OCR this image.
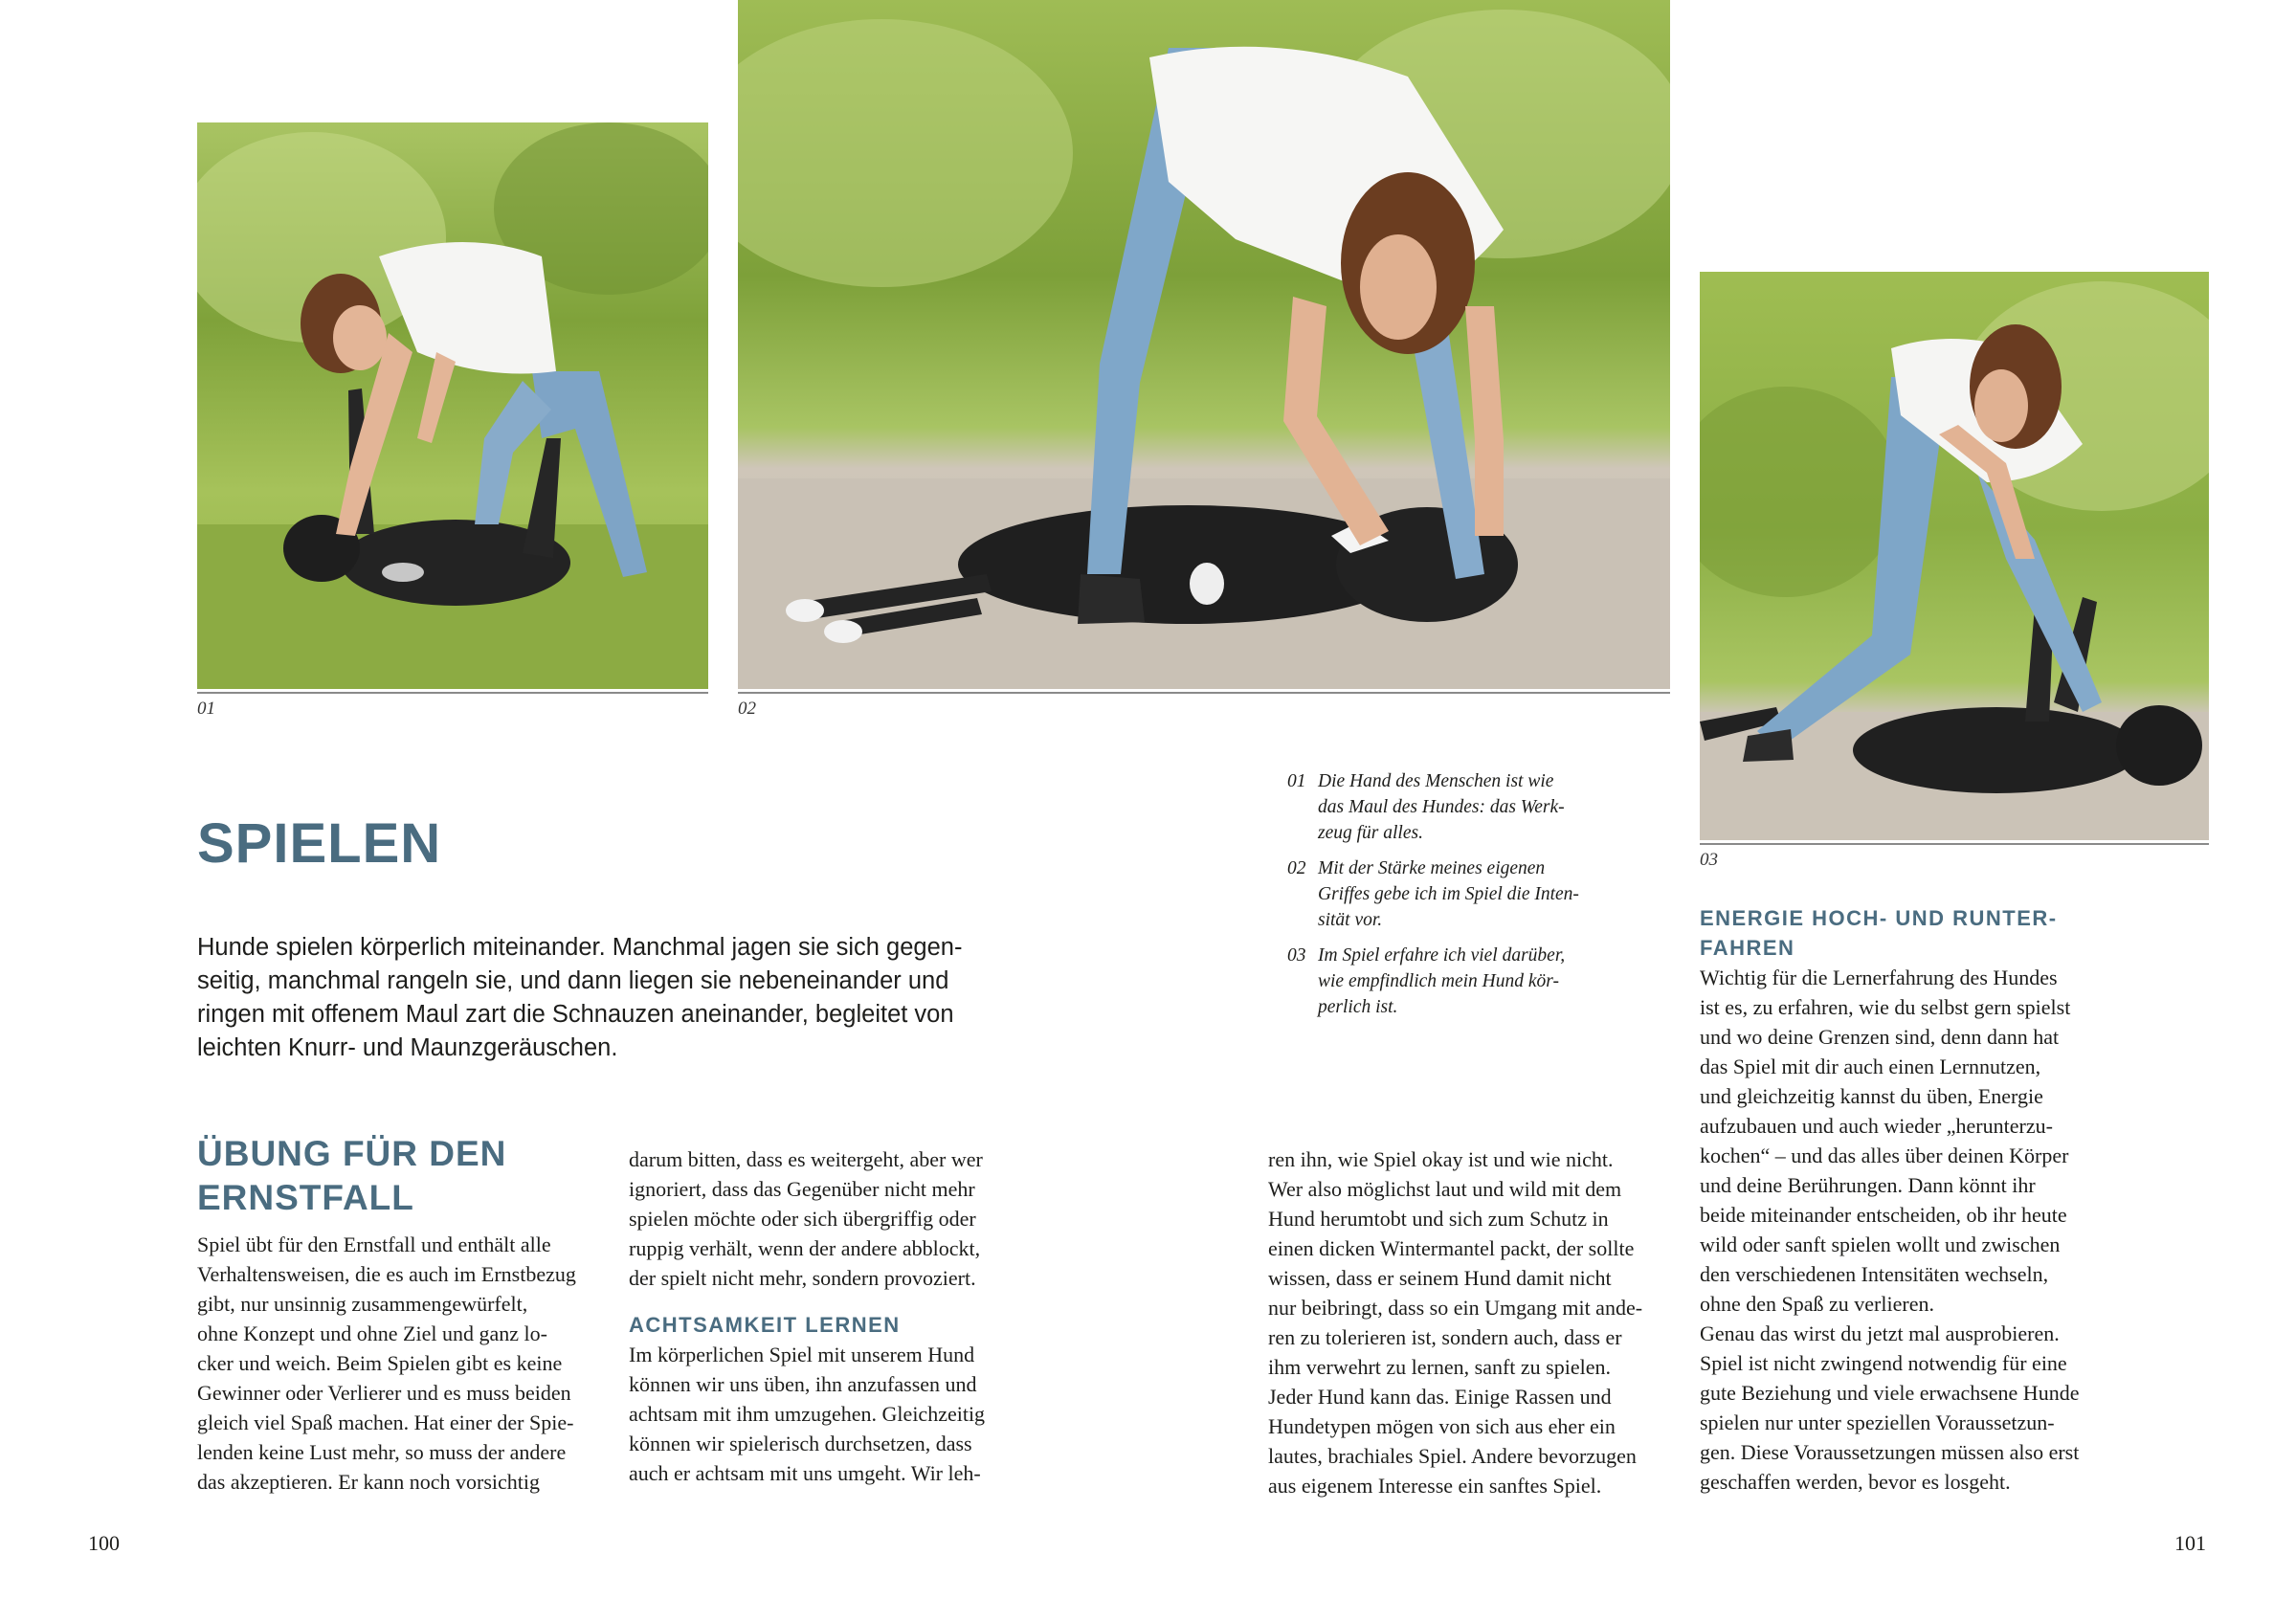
01	02
03
SPIELEN
Hunde spielen körperlich miteinander. Manchmal jagen sie sich gegen-
seitig, manchmal rangeln sie, und dann liegen sie nebeneinander und
ringen mit offenem Maul zart die Schnauzen aneinander, begleitet von
leichten Knurr- und Maunzgeräuschen.
01 Die Hand des Menschen ist wie
das Maul des Hundes: das Werk-
zeug für alles.
02 Mit der Stärke meines eigenen
Griffes gebe ich im Spiel die Inten-
sität vor.
03 Im Spiel erfahre ich viel darüber,
wie empfindlich mein Hund kör-
perlich ist.
ÜBUNG FÜR DEN
ERNSTFALL
Spiel übt für den Ernstfall und enthält alle
Verhaltensweisen, die es auch im Ernstbezug
gibt, nur unsinnig zusammengewürfelt,
ohne Konzept und ohne Ziel und ganz lo-
cker und weich. Beim Spielen gibt es keine
Gewinner oder Verlierer und es muss beiden
gleich viel Spaß machen. Hat einer der Spie-
lenden keine Lust mehr, so muss der andere
das akzeptieren. Er kann noch vorsichtig
darum bitten, dass es weitergeht, aber wer
ignoriert, dass das Gegenüber nicht mehr
spielen möchte oder sich übergriffig oder
ruppig verhält, wenn der andere abblockt,
der spielt nicht mehr, sondern provoziert.
ACHTSAMKEIT LERNEN
Im körperlichen Spiel mit unserem Hund
können wir uns üben, ihn anzufassen und
achtsam mit ihm umzugehen. Gleichzeitig
können wir spielerisch durchsetzen, dass
auch er achtsam mit uns umgeht. Wir leh-
ren ihn, wie Spiel okay ist und wie nicht.
Wer also möglichst laut und wild mit dem
Hund herumtobt und sich zum Schutz in
einen dicken Wintermantel packt, der sollte
wissen, dass er seinem Hund damit nicht
nur beibringt, dass so ein Umgang mit ande-
ren zu tolerieren ist, sondern auch, dass er
ihm verwehrt zu lernen, sanft zu spielen.
Jeder Hund kann das. Einige Rassen und
Hundetypen mögen von sich aus eher ein
lautes, brachiales Spiel. Andere bevorzugen
aus eigenem Interesse ein sanftes Spiel.
ENERGIE HOCH- UND RUNTER-
FAHREN
Wichtig für die Lernerfahrung des Hundes
ist es, zu erfahren, wie du selbst gern spielst
und wo deine Grenzen sind, denn dann hat
das Spiel mit dir auch einen Lernnutzen,
und gleichzeitig kannst du üben, Energie
aufzubauen und auch wieder „herunterzu-
kochen“ – und das alles über deinen Körper
und deine Berührungen. Dann könnt ihr
beide miteinander entscheiden, ob ihr heute
wild oder sanft spielen wollt und zwischen
den verschiedenen Intensitäten wechseln,
ohne den Spaß zu verlieren.
Genau das wirst du jetzt mal ausprobieren.
Spiel ist nicht zwingend notwendig für eine
gute Beziehung und viele erwachsene Hunde
spielen nur unter speziellen Voraussetzun-
gen. Diese Voraussetzungen müssen also erst
geschaffen werden, bevor es losgeht.
100	101
